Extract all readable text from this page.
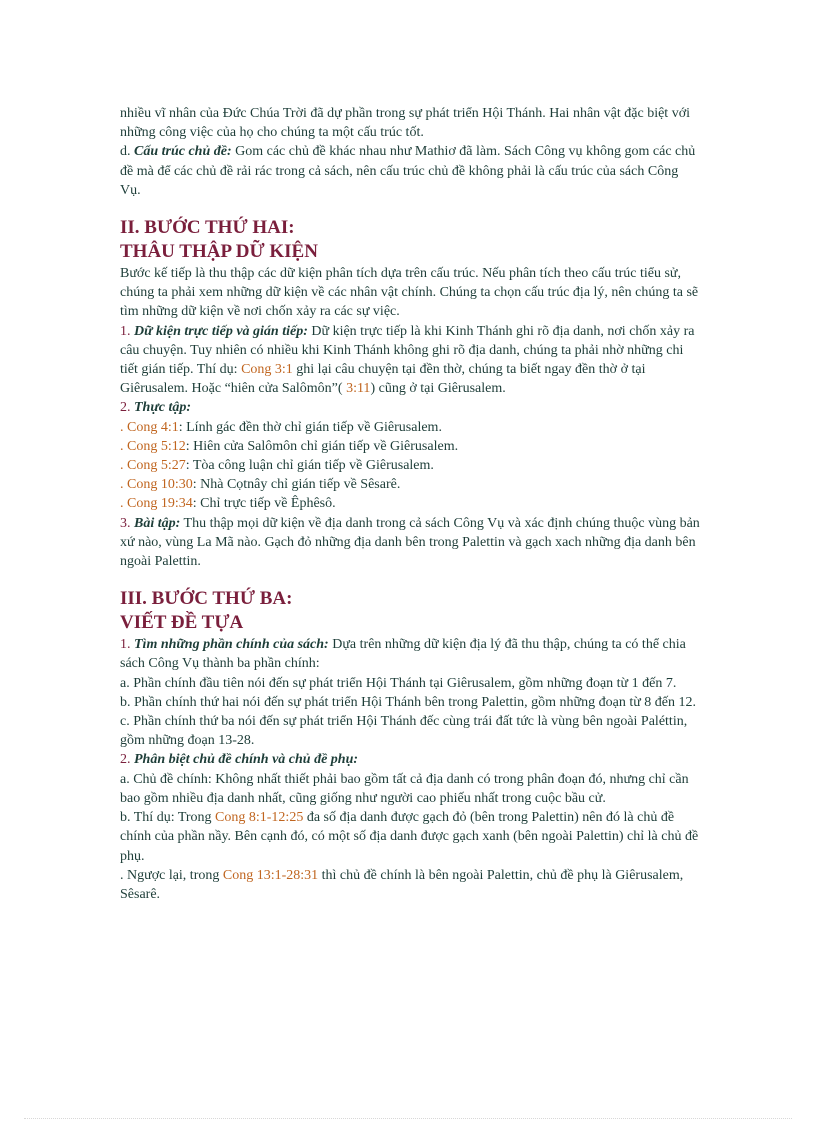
nhiều vĩ nhân của Đức Chúa Trời đã dự phần trong sự phát triển Hội Thánh. Hai nhân vật đặc biệt với những công việc của họ cho chúng ta một cấu trúc tốt.

d. Cấu trúc chủ đề: Gom các chủ đề khác nhau như Mathiơ đã làm. Sách Công vụ không gom các chủ đề mà để các chủ đề rải rác trong cả sách, nên cấu trúc chủ đề không phải là cấu trúc của sách Công Vụ.

II. BƯỚC THỨ HAI:

THÂU THẬP DỮ KIỆN

Bước kế tiếp là thu thập các dữ kiện phân tích dựa trên cấu trúc. Nếu phân tích theo cấu trúc tiểu sử, chúng ta phải xem những dữ kiện về các nhân vật chính. Chúng ta chọn cấu trúc địa lý, nên chúng ta sẽ tìm những dữ kiện về nơi chốn xảy ra các sự việc.

1. Dữ kiện trực tiếp và gián tiếp: Dữ kiện trực tiếp là khi Kinh Thánh ghi rõ địa danh, nơi chốn xảy ra câu chuyện. Tuy nhiên có nhiều khi Kinh Thánh không ghi rõ địa danh, chúng ta phải nhờ những chi tiết gián tiếp. Thí dụ: Cong 3:1 ghi lại câu chuyện tại đền thờ, chúng ta biết ngay đền thờ ở tại Giêrusalem. Hoặc “hiên cửa Salômôn”( 3:11) cũng ở tại Giêrusalem.

2. Thực tập:

. Cong 4:1: Lính gác đền thờ chỉ gián tiếp về Giêrusalem.

. Cong 5:12: Hiên cửa Salômôn chỉ gián tiếp về Giêrusalem.

. Cong 5:27: Tòa công luận chỉ gián tiếp về Giêrusalem.

. Cong 10:30: Nhà Cọtnây chỉ gián tiếp về Sêsarê.

. Cong 19:34: Chỉ trực tiếp về Êphêsô.

3. Bài tập: Thu thập mọi dữ kiện về địa danh trong cả sách Công Vụ và xác định chúng thuộc vùng bản xứ nào, vùng La Mã nào. Gạch đỏ những địa danh bên trong Palettin và gạch xach những địa danh bên ngoài Palettin.

III. BƯỚC THỨ BA:

VIẾT ĐỀ TỰA

1. Tìm những phần chính của sách: Dựa trên những dữ kiện địa lý đã thu thập, chúng ta có thể chia sách Công Vụ thành ba phần chính:

a. Phần chính đầu tiên nói đến sự phát triển Hội Thánh tại Giêrusalem, gồm những đoạn từ 1 đến 7.

b. Phần chính thứ hai nói đến sự phát triển Hội Thánh bên trong Palettin, gồm những đoạn từ 8 đến 12.

c. Phần chính thứ ba nói đến sự phát triển Hội Thánh đếc cùng trái đất tức là vùng bên ngoài Paléttin, gồm những đoạn 13-28.

2. Phân biệt chủ đề chính và chủ đề phụ:

a. Chủ đề chính: Không nhất thiết phải bao gồm tất cả địa danh có trong phân đoạn đó, nhưng chỉ cần bao gồm nhiều địa danh nhất, cũng giống như người cao phiếu nhất trong cuộc bầu cử.

b. Thí dụ: Trong Cong 8:1-12:25 đa số địa danh được gạch đỏ (bên trong Palettin) nên đó là chủ đề chính của phần nầy. Bên cạnh đó, có một số địa danh được gạch xanh (bên ngoài Palettin) chỉ là chủ đề phụ.

. Ngược lại, trong Cong 13:1-28:31 thì chủ đề chính là bên ngoài Palettin, chủ đề phụ là Giêrusalem, Sêsarê.
